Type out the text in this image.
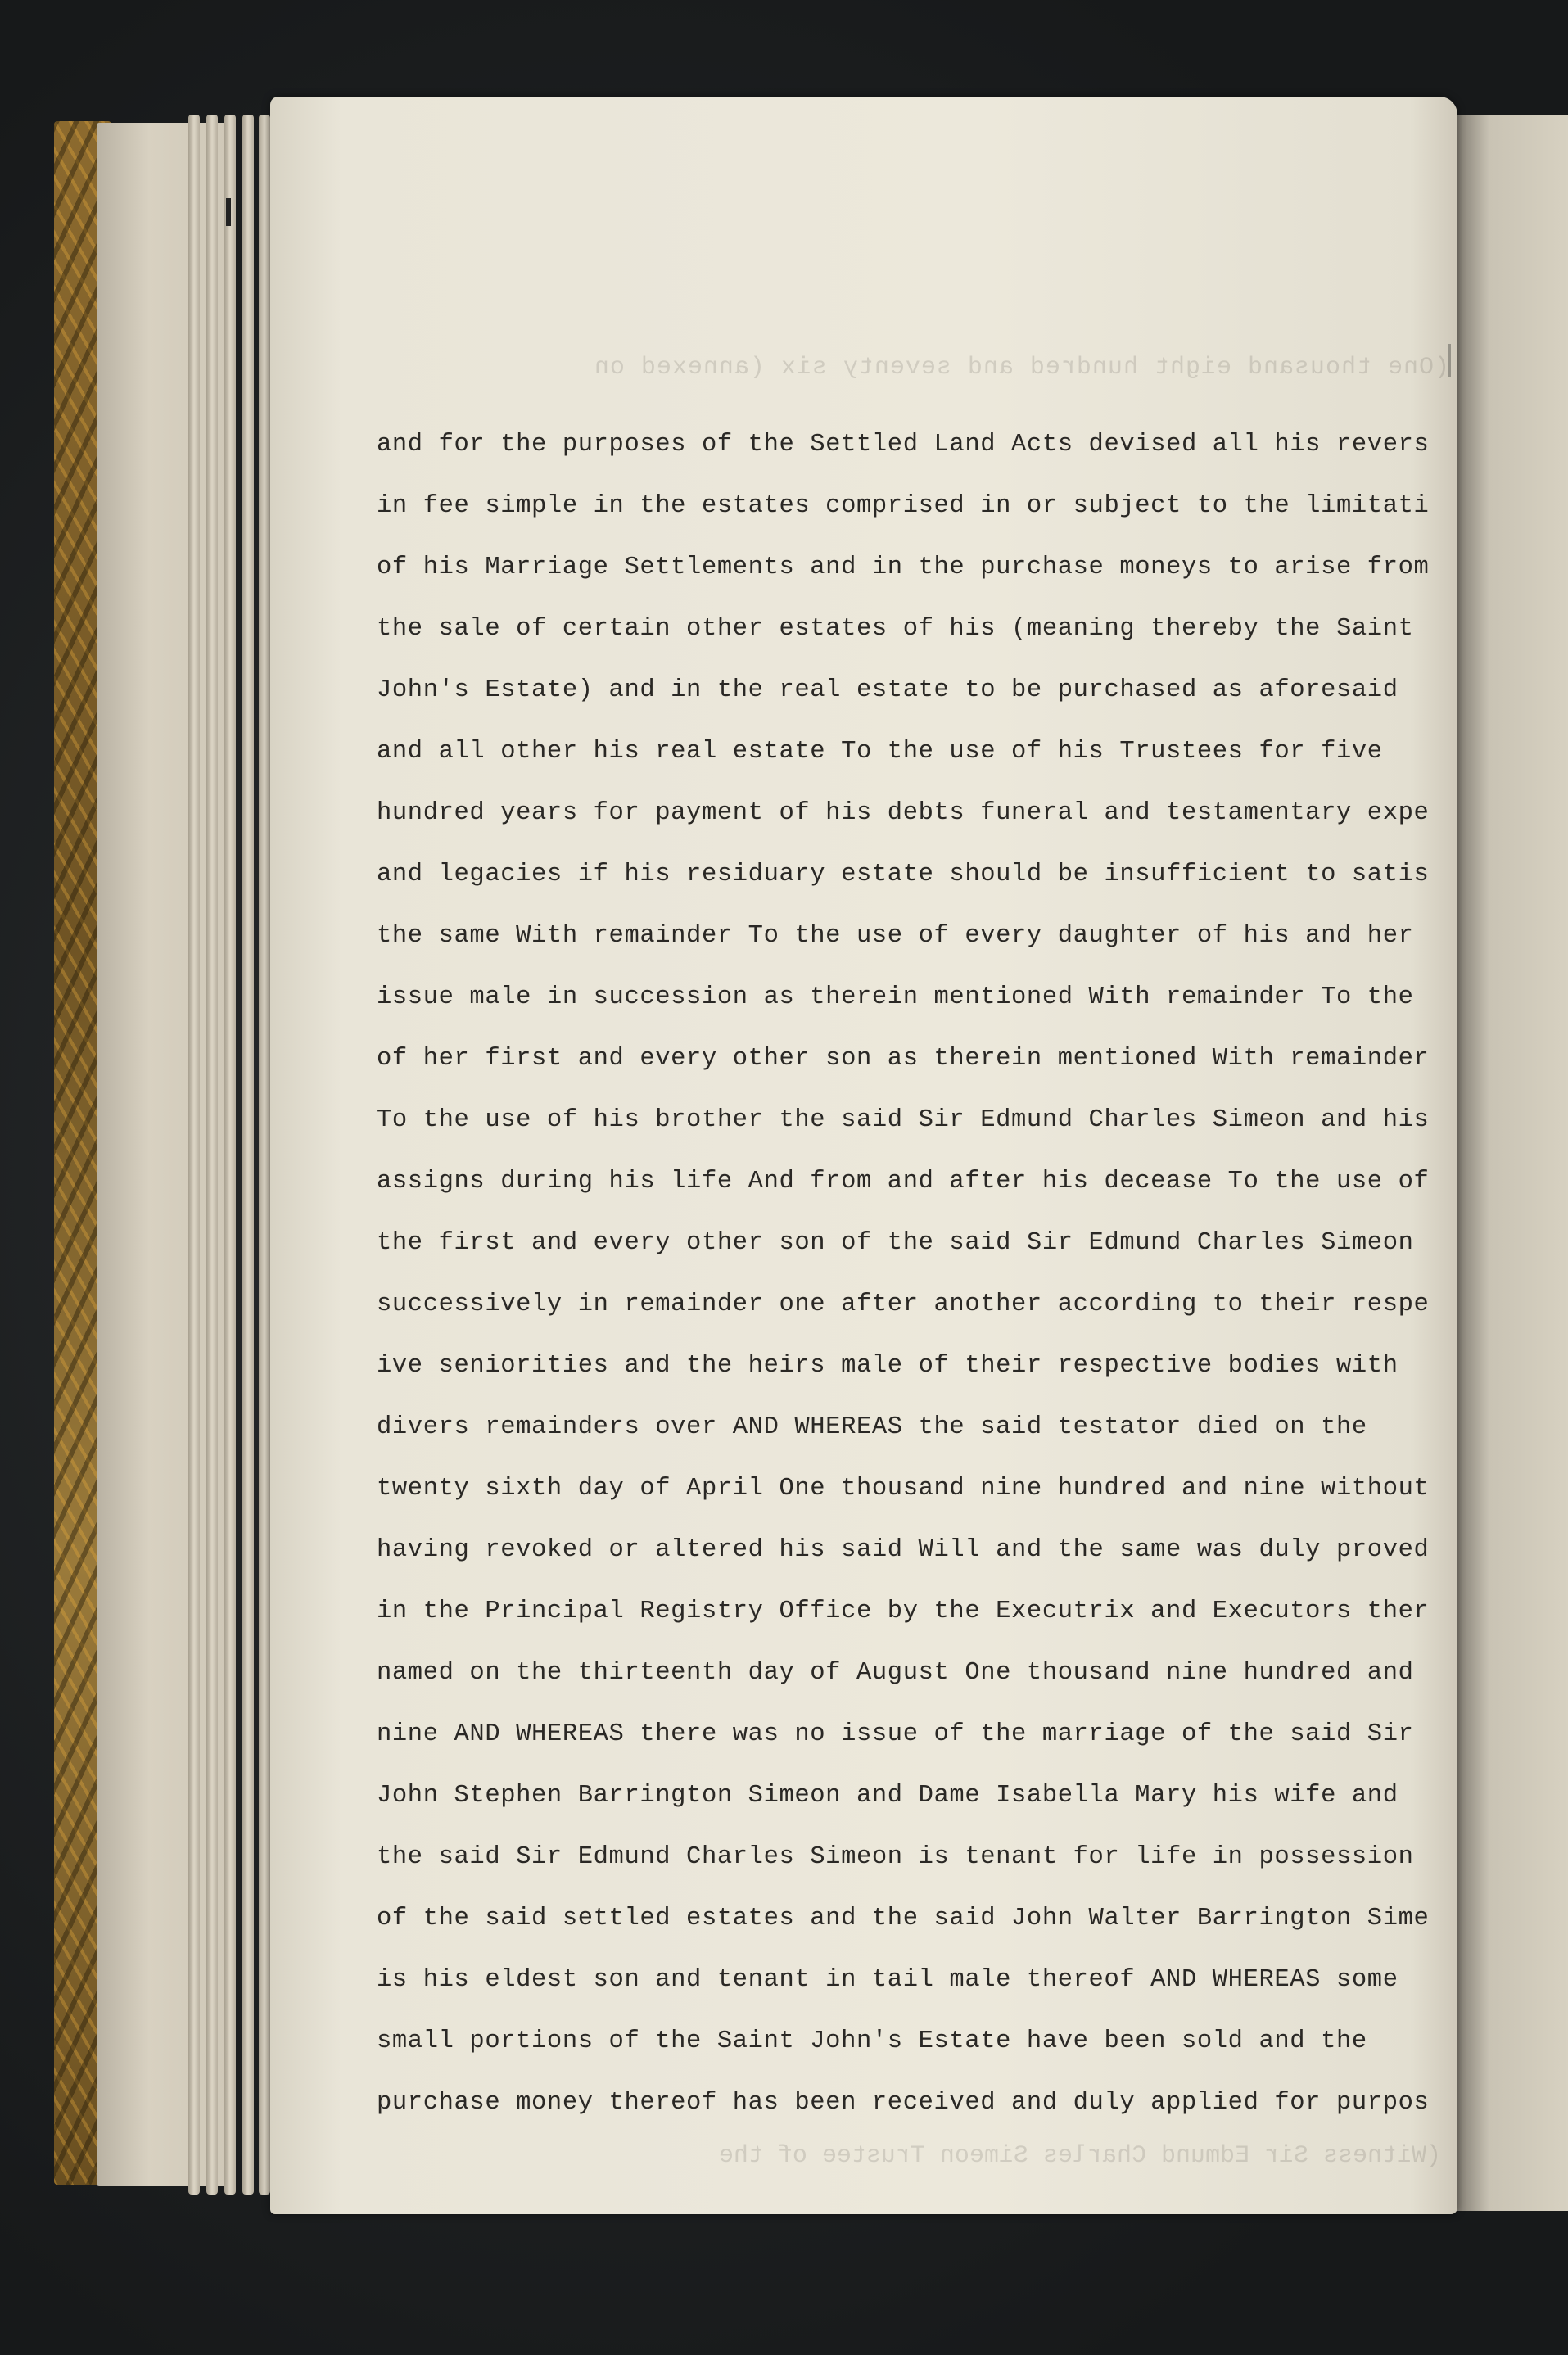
(One thousand eight hundred and seventy six (annexed on
(Witness Sir Edmund Charles Simeon Trustee of the
and for the purposes of the Settled Land Acts devised all his revers
in fee simple in the estates comprised in or subject to the limitati
of his Marriage Settlements and in the purchase moneys to arise from
the sale of certain other estates of his (meaning thereby the Saint
John's Estate) and in the real estate to be purchased as aforesaid
and all other his real estate To the use of his Trustees for five
hundred years for payment of his debts funeral and testamentary expe
and legacies if his residuary estate should be insufficient to satis
the same With remainder To the use of every daughter of his and her
issue male in succession as therein mentioned With remainder To the
of her first and every other son as therein mentioned With remainder
To the use of his brother the said Sir Edmund Charles Simeon and his
assigns during his life And from and after his decease To the use of
the first and every other son of the said Sir Edmund Charles Simeon
successively in remainder one after another according to their respe
ive seniorities and the heirs male of their respective bodies with
divers remainders over AND WHEREAS the said testator died on the
twenty sixth day of April One thousand nine hundred and nine without
having revoked or altered his said Will and the same was duly proved
in the Principal Registry Office by the Executrix and Executors ther
named on the thirteenth day of August One thousand nine hundred and
nine AND WHEREAS there was no issue of the marriage of the said Sir
John Stephen Barrington Simeon and Dame Isabella Mary his wife and
the said Sir Edmund Charles Simeon is tenant for life in possession
of the said settled estates and the said John Walter Barrington Sime
is his eldest son and tenant in tail male thereof AND WHEREAS some
small portions of the Saint John's Estate have been sold and the
purchase money thereof has been received and duly applied for purpos
